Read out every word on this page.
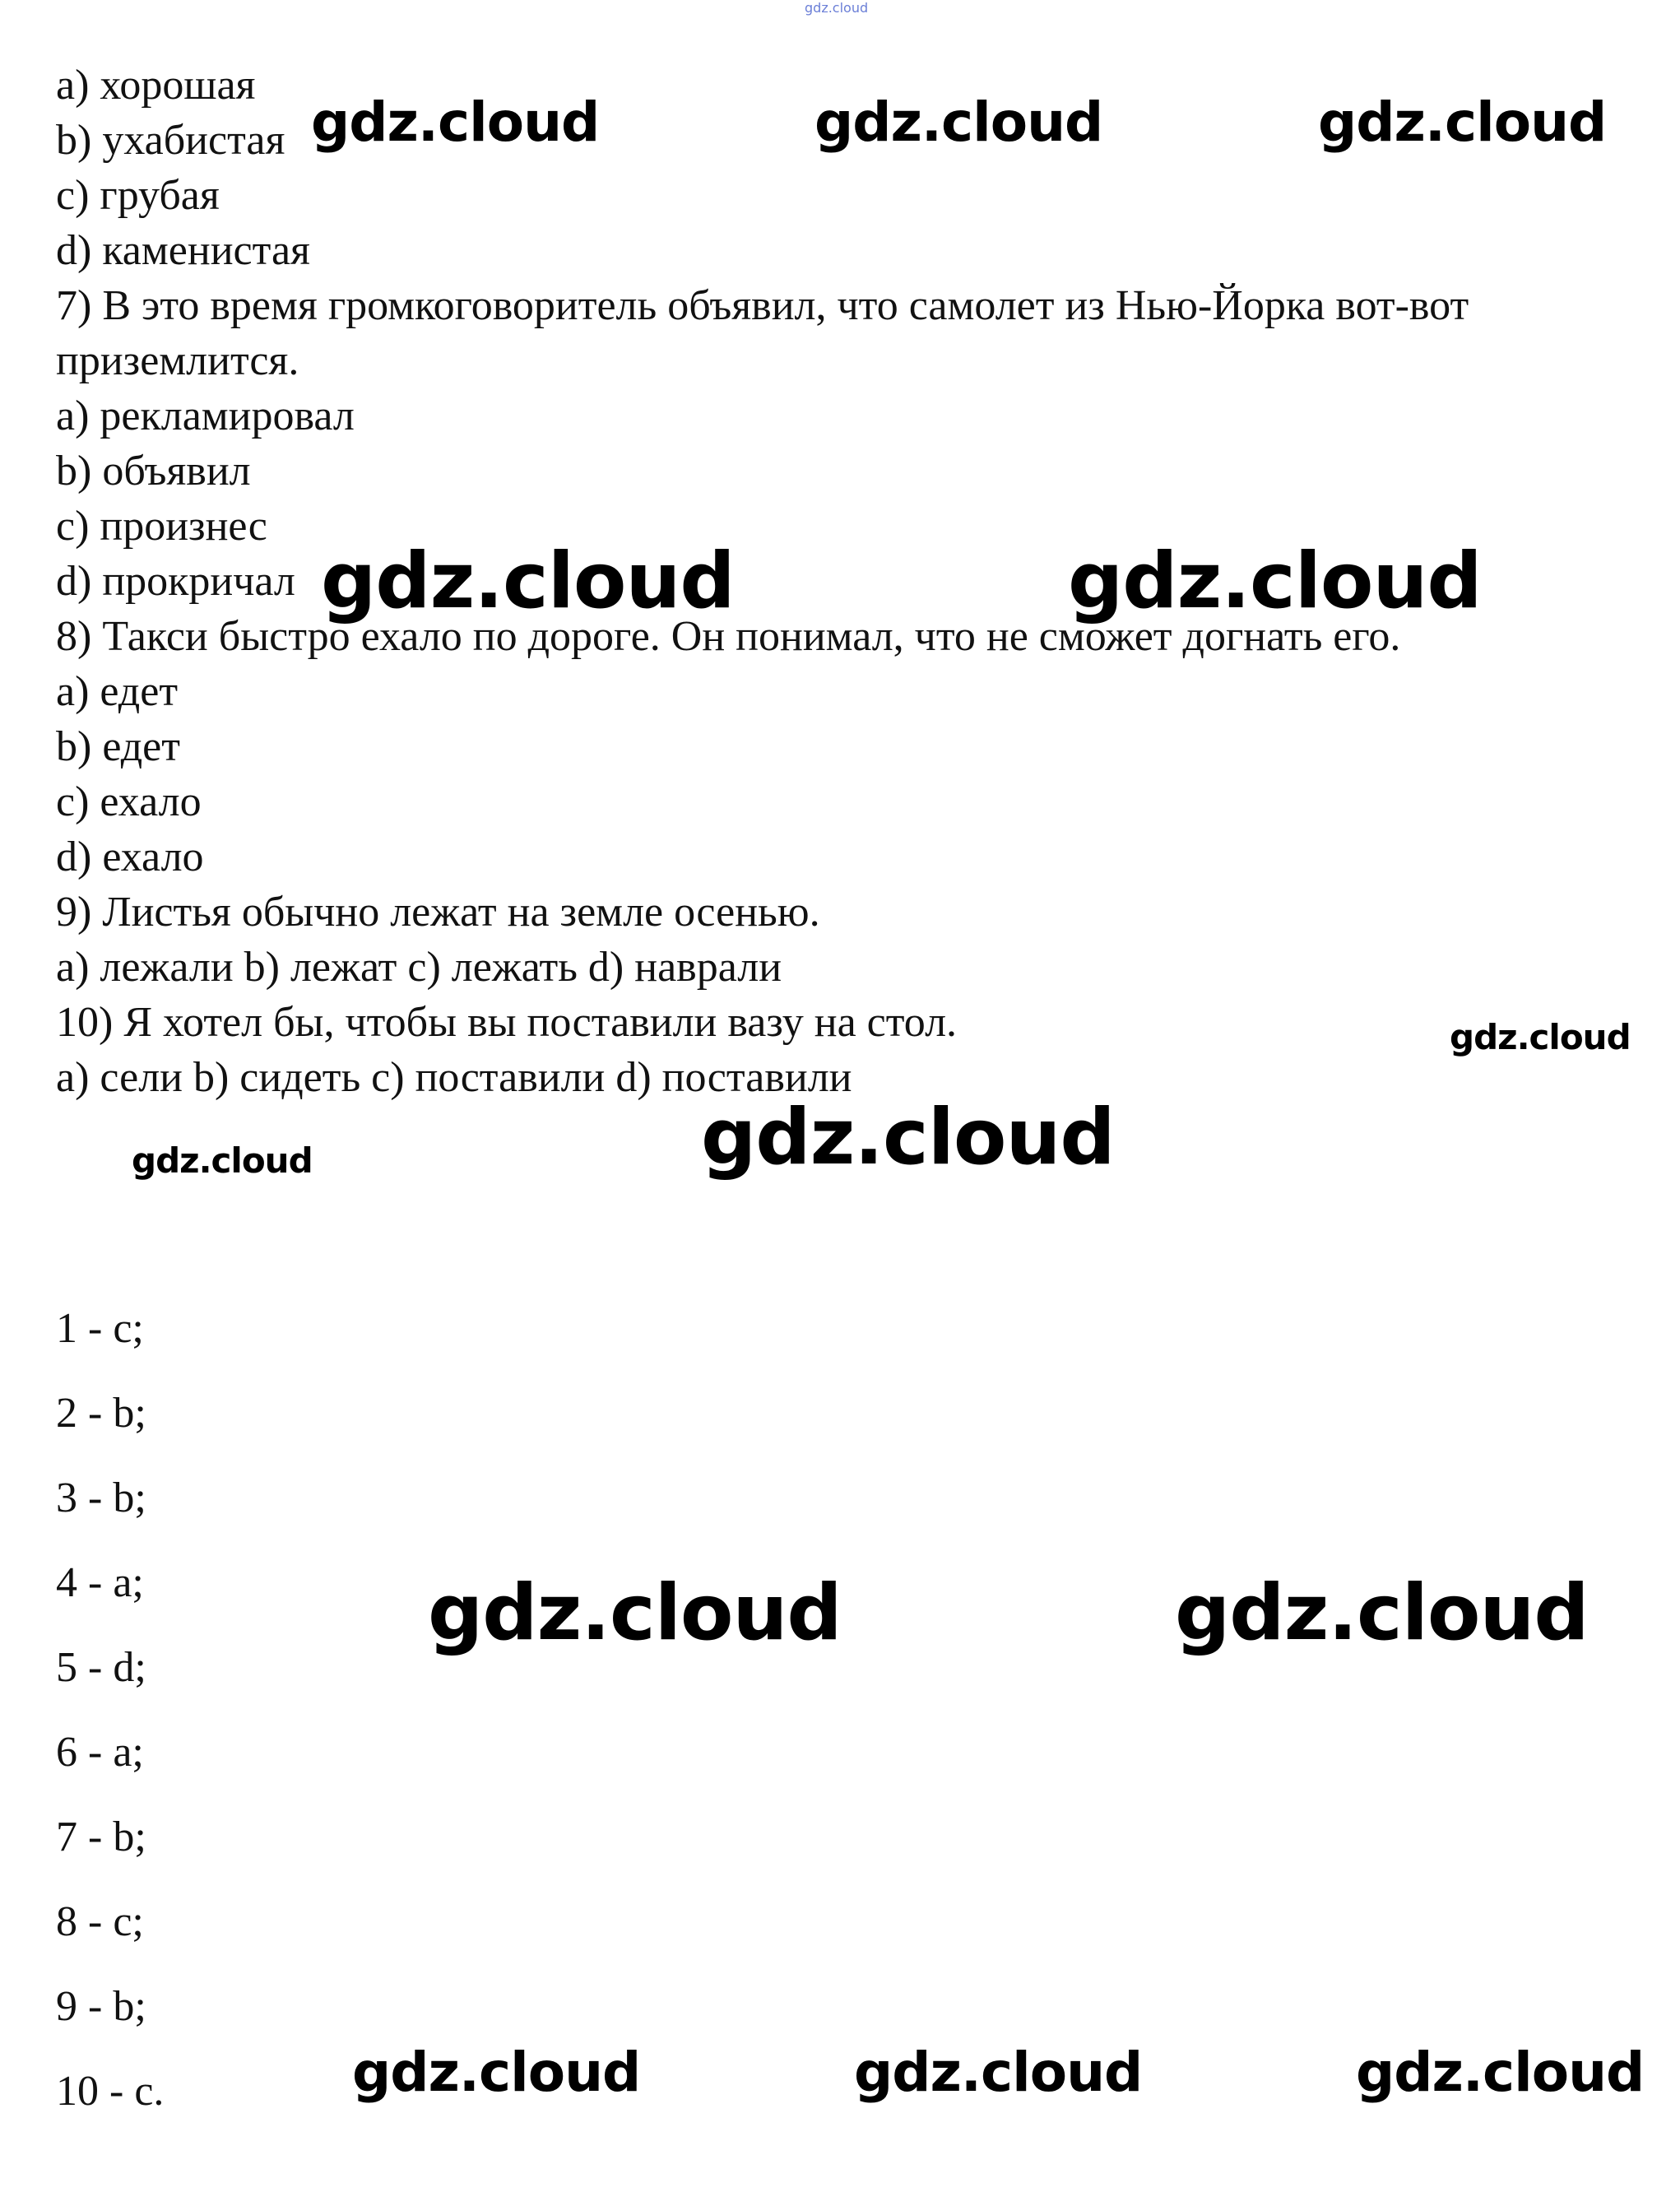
gdz.cloud
a) хорошая
b) ухабистая
c) грубая
d) каменистая
7) В это время громкоговоритель объявил, что самолет из Нью-Йорка вот-вот
приземлится.
a) рекламировал
b) объявил
c) произнес
d) прокричал
8) Такси быстро ехало по дороге. Он понимал, что не сможет догнать его.
a) едет
b) едет
c) ехало
d) ехало
9) Листья обычно лежат на земле осенью.
a) лежали b) лежат c) лежать d) наврали
10) Я хотел бы, чтобы вы поставили вазу на стол.
a) сели b) сидеть c) поставили d) поставили
1 - c;
2 - b;
3 - b;
4 - a;
5 - d;
6 - a;
7 - b;
8 - c;
9 - b;
10 - c.
gdz.cloud	gdz.cloud	gdz.cloud
gdz.cloud	gdz.cloud
gdz.cloud
gdz.cloud
gdz.cloud
gdz.cloud	gdz.cloud
gdz.cloud	gdz.cloud	gdz.cloud
